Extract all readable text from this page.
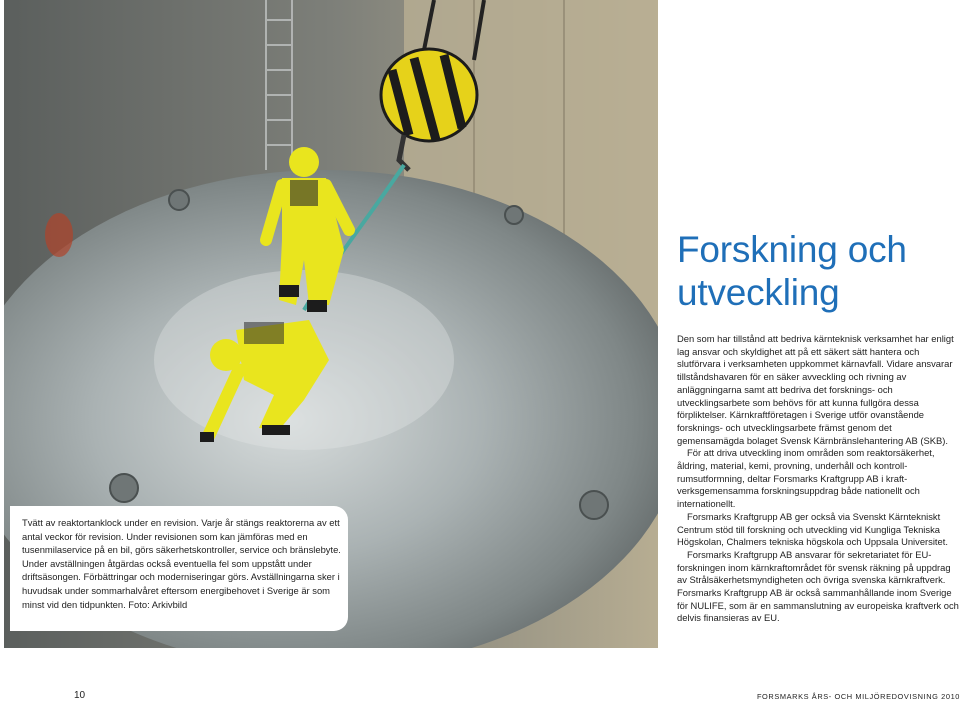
Tvätt av reaktortanklock under en revision. Varje år stängs reaktorerna av ett antal veckor för revision. Under revisionen som kan jämföras med en tusenmilaservice på en bil, görs säkerhetskontroller, service och bränslebyte. Under avställningen åtgärdas också eventuella fel som uppstått under driftsäsongen. Förbättringar och moderniseringar görs. Avställningarna sker i huvudsak under sommarhalvåret eftersom energibehovet i Sverige är som minst vid den tidpunkten. Foto: Arkivbild
Forskning och
utveckling

Den som har tillstånd att bedriva kärnteknisk verksamhet har enligt lag ansvar och skyldighet att på ett säkert sätt hantera och slutförvara i verksamheten uppkommet kärnavfall. Vidare ansvarar tillståndshavaren för en säker avveckling och rivning av anläggningarna samt att bedriva det forsknings- och utvecklingsarbete som behövs för att kunna fullgöra dessa förpliktelser. Kärnkraftföretagen i Sverige utför ovanstående forsknings- och utvecklingsarbete främst genom det gemensamägda bolaget Svensk Kärnbränslehantering AB (SKB).

För att driva utveckling inom områden som reaktorsäkerhet, åldring, material, kemi, provning, underhåll och kontrollrumsutformning, deltar Forsmarks Kraftgrupp AB i kraftverksgemensamma forskningsuppdrag både nationellt och internationellt.

Forsmarks Kraftgrupp AB ger också via Svenskt Kärntekniskt Centrum stöd till forskning och utveckling vid Kungliga Tekniska Högskolan, Chalmers tekniska högskola och Uppsala Universitet.

Forsmarks Kraftgrupp AB ansvarar för sekretariatet för EU-forskningen inom kärnkraftområdet för svensk räkning på uppdrag av Strålsäkerhetsmyndigheten och övriga svenska kärnkraftverk. Forsmarks Kraftgrupp AB är också sammanhållande inom Sverige för NULIFE, som är en sammanslutning av europeiska kraftverk och delvis finansieras av EU.

10	FORSMARKS ÅRS- OCH MILJÖREDOVISNING 2010
